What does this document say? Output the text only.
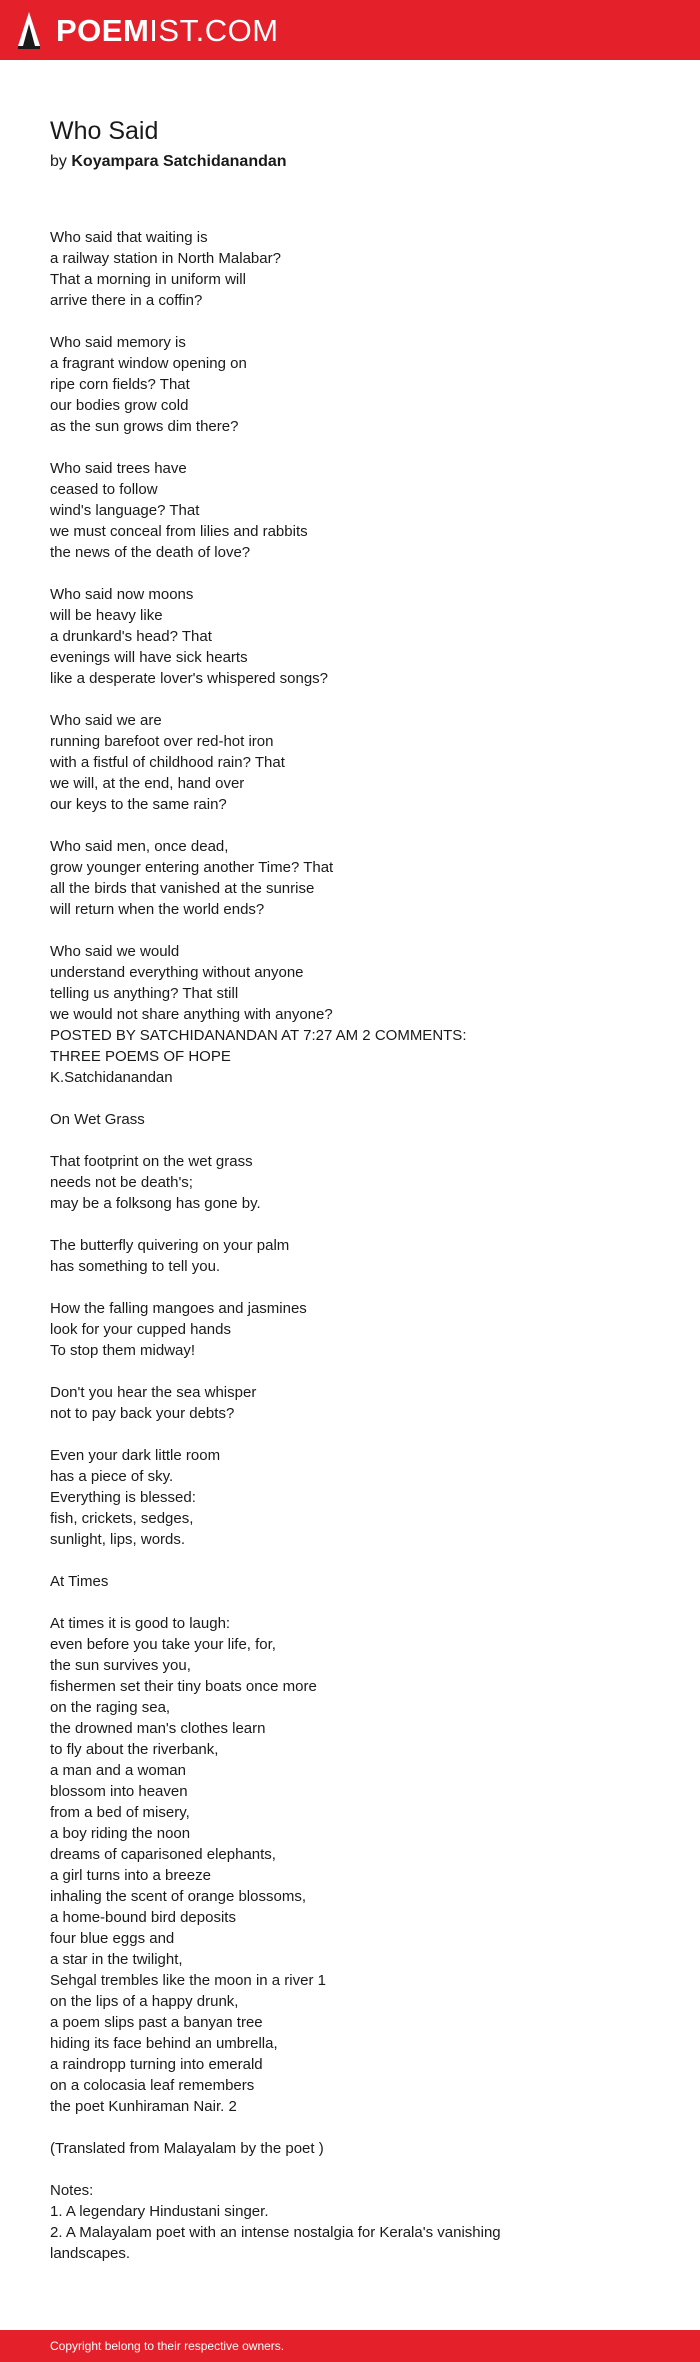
POEMIST.COM
Who Said
by Koyampara Satchidanandan
Who said that waiting is
a railway station in North Malabar?
That a morning in uniform will
arrive there in a coffin?
Who said memory is
a fragrant window opening on
ripe corn fields? That
our bodies grow cold
as the sun grows dim there?
Who said trees have
ceased to follow
wind's language? That
we must conceal from lilies and rabbits
the news of the death of love?
Who said now moons
will be heavy like
a drunkard's head? That
evenings will have sick hearts
like a desperate lover's whispered songs?
Who said we are
running barefoot over red-hot iron
with a fistful of childhood rain? That
we will, at the end, hand over
our keys to the same rain?
Who said men, once dead,
grow younger entering another Time? That
all the birds that vanished at the sunrise
will return when the world ends?
Who said we would
understand everything without anyone
telling us anything? That still
we would not share anything with anyone?
POSTED BY SATCHIDANANDAN AT 7:27 AM 2 COMMENTS:
THREE POEMS OF HOPE
K.Satchidanandan
On Wet Grass
That footprint on the wet grass
needs not be death's;
may be a folksong has gone by.
The butterfly quivering on your palm
has something to tell you.
How the falling mangoes and jasmines
look for your cupped hands
To stop them midway!
Don't you hear the sea whisper
not to pay back your debts?
Even your dark little room
has a piece of sky.
Everything is blessed:
fish, crickets, sedges,
sunlight, lips, words.
At Times
At times it is good to laugh:
even before you take your life, for,
the sun survives you,
fishermen set their tiny boats once more
on the raging sea,
the drowned man's clothes learn
to fly about the riverbank,
a man and a woman
blossom into heaven
from a bed of misery,
a boy riding the noon
dreams of caparisoned elephants,
a girl turns into a breeze
inhaling the scent of orange blossoms,
a home-bound bird deposits
four blue eggs and
a star in the twilight,
Sehgal trembles like the moon in a river 1
on the lips of a happy drunk,
a poem slips past a banyan tree
hiding its face behind an umbrella,
a raindropp turning into emerald
on a colocasia leaf remembers
the poet Kunhiraman Nair. 2
(Translated from Malayalam by the poet )
Notes:
1. A legendary Hindustani singer.
2. A Malayalam poet with an intense nostalgia for Kerala's vanishing
landscapes.
Copyright belong to their respective owners.
